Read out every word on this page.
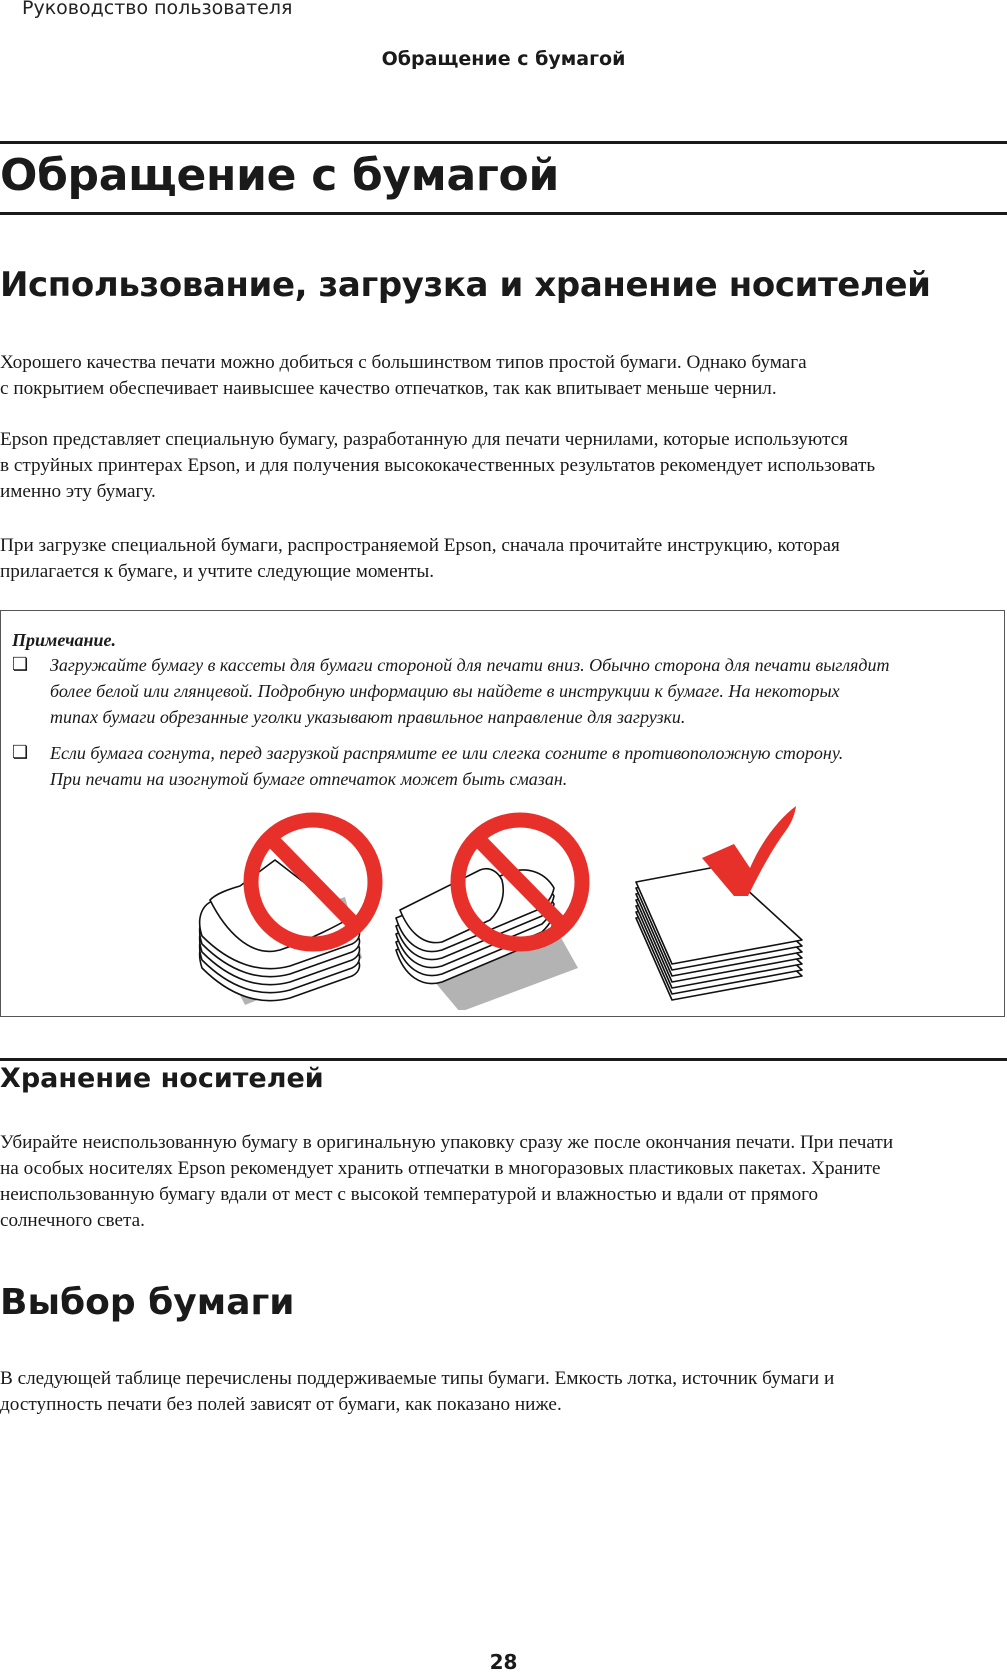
Руководство пользователя
Обращение с бумагой
Обращение с бумагой
Использование, загрузка и хранение носителей
Хорошего качества печати можно добиться с большинством типов простой бумаги. Однако бумага
с покрытием обеспечивает наивысшее качество отпечатков, так как впитывает меньше чернил.
Epson представляет специальную бумагу, разработанную для печати чернилами, которые используются
в струйных принтерах Epson, и для получения высококачественных результатов рекомендует использовать
именно эту бумагу.
При загрузке специальной бумаги, распространяемой Epson, сначала прочитайте инструкцию, которая
прилагается к бумаге, и учтите следующие моменты.
Примечание.
❏ Загружайте бумагу в кассеты для бумаги стороной для печати вниз. Обычно сторона для печати выглядит
более белой или глянцевой. Подробную информацию вы найдете в инструкции к бумаге. На некоторых
типах бумаги обрезанные уголки указывают правильное направление для загрузки.
❏ Если бумага согнута, перед загрузкой распрямите ее или слегка согните в противоположную сторону.
При печати на изогнутой бумаге отпечаток может быть смазан.
Хранение носителей
Убирайте неиспользованную бумагу в оригинальную упаковку сразу же после окончания печати. При печати
на особых носителях Epson рекомендует хранить отпечатки в многоразовых пластиковых пакетах. Храните
неиспользованную бумагу вдали от мест с высокой температурой и влажностью и вдали от прямого
солнечного света.
Выбор бумаги
В следующей таблице перечислены поддерживаемые типы бумаги. Емкость лотка, источник бумаги и
доступность печати без полей зависят от бумаги, как показано ниже.
28
